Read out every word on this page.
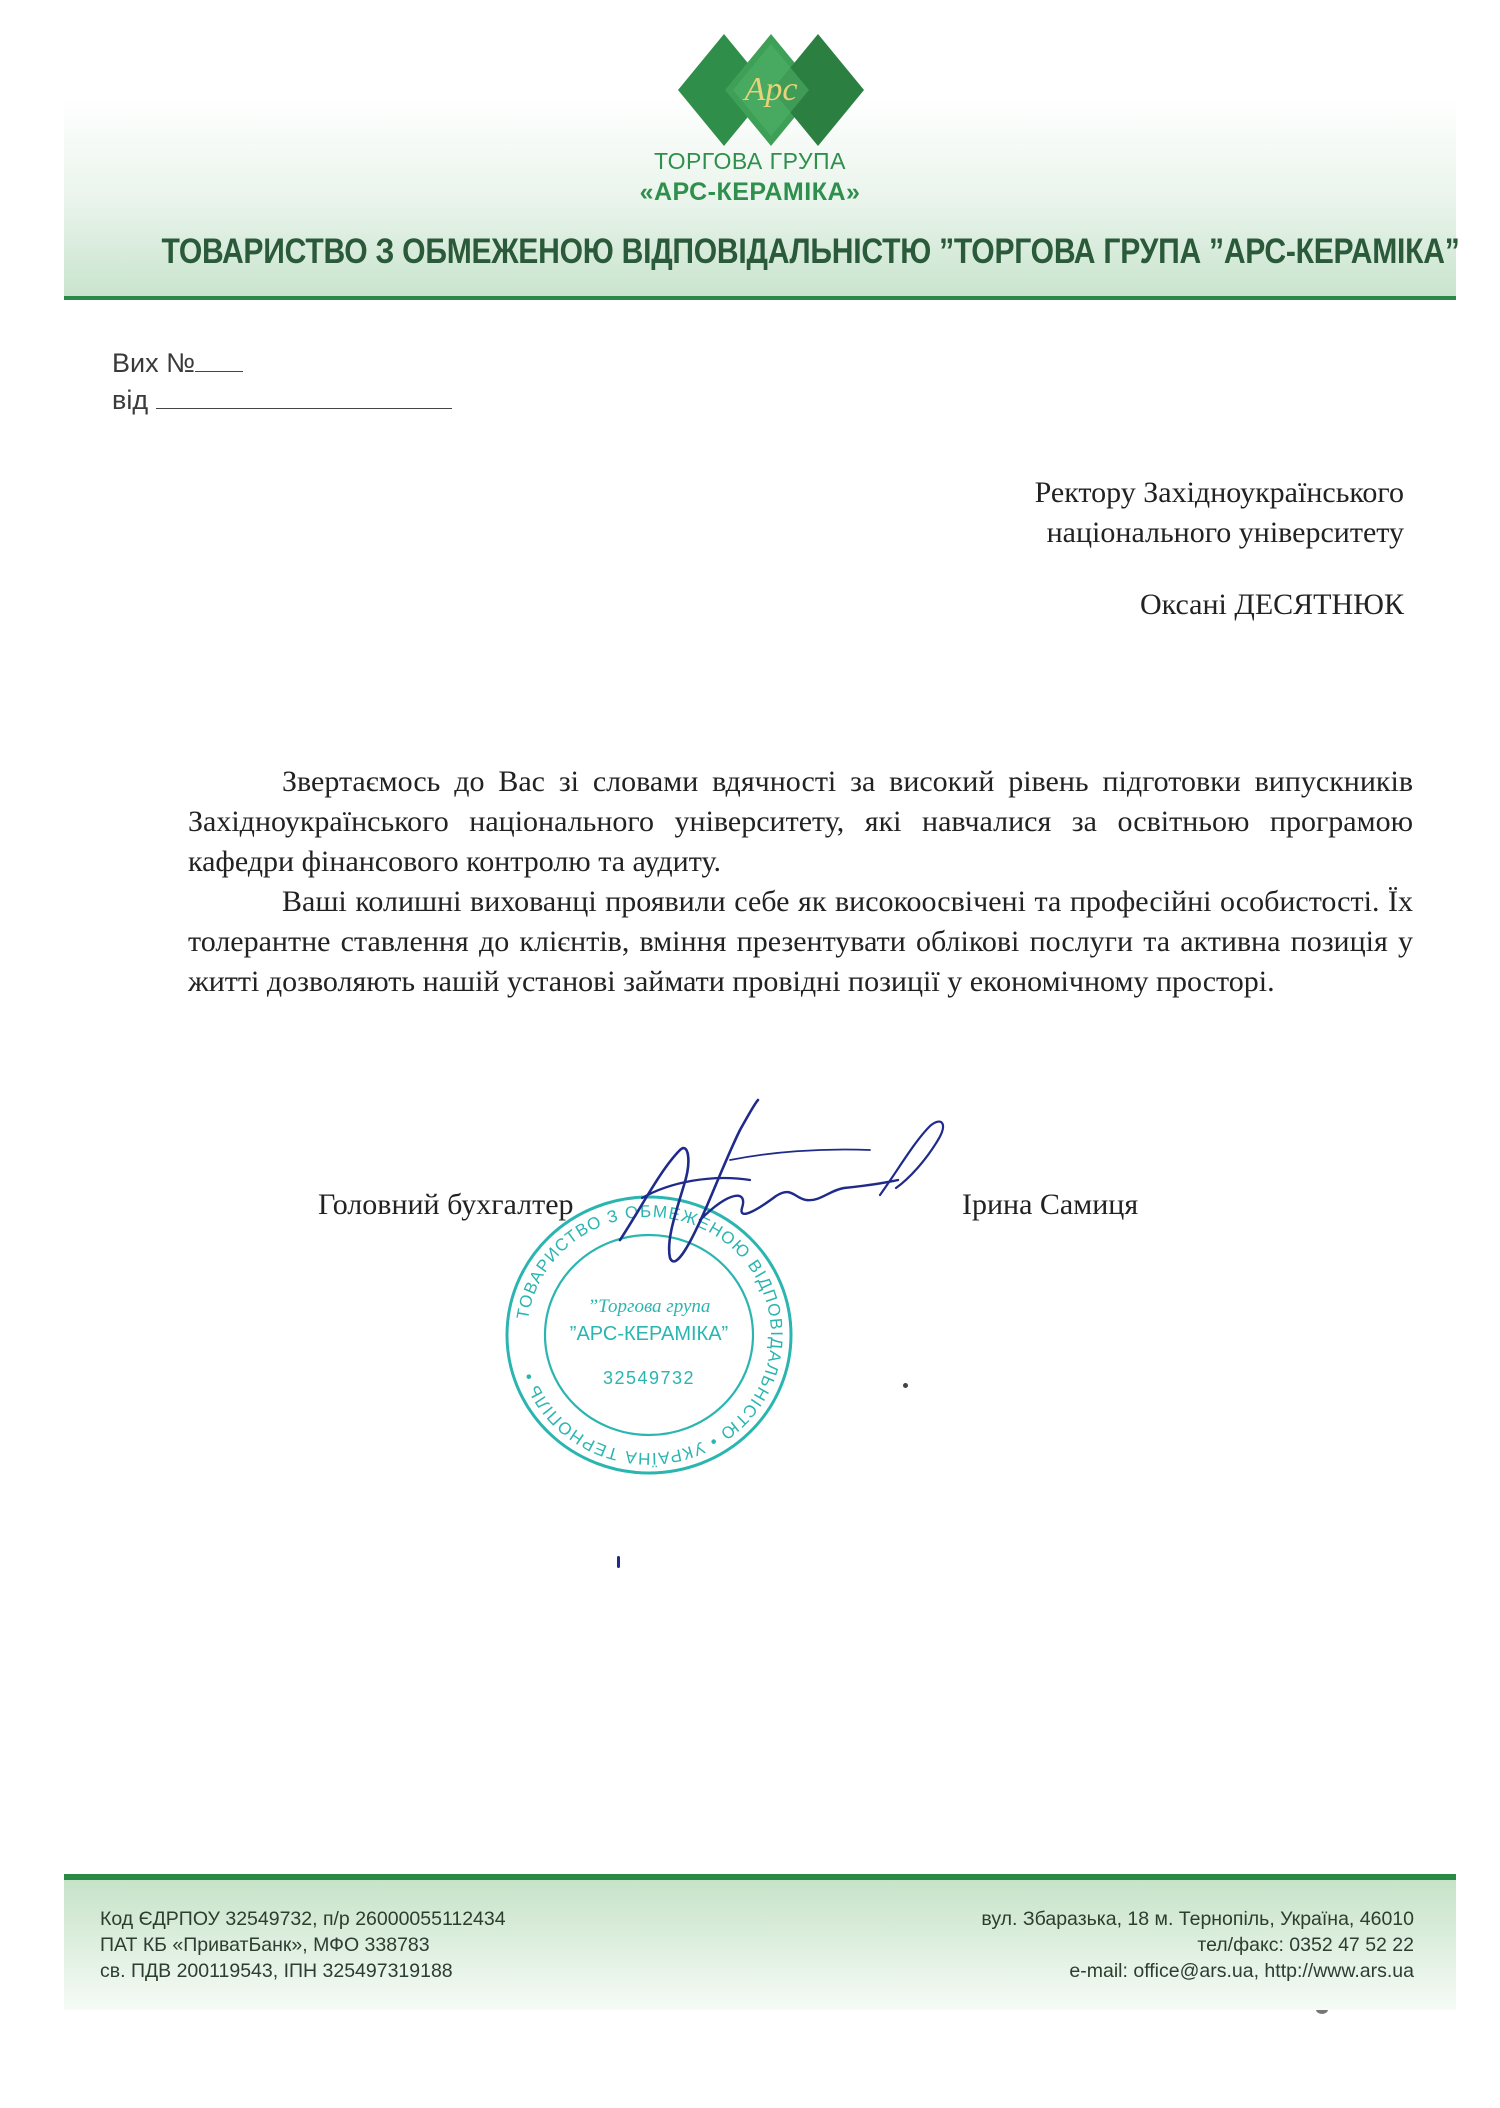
Арс
ТОРГОВА ГРУПА
«АРС-КЕРАМІКА»
ТОВАРИСТВО З ОБМЕЖЕНОЮ ВІДПОВІДАЛЬНІСТЮ ”ТОРГОВА ГРУПА ”АРС-КЕРАМІКА”
Вих №
від
Ректору Західноукраїнського
національного університету
Оксані ДЕСЯТНЮК

Звертаємось до Вас зі словами вдячності за високий рівень підготовки випускників Західноукраїнського національного університету, які навчалися за освітньою програмою кафедри фінансового контролю та аудиту.

Ваші колишні вихованці проявили себе як високоосвічені та професійні особистості. Їх толерантне ставлення до клієнтів, вміння презентувати облікові послуги та активна позиція у житті дозволяють нашій установі займати провідні позиції у економічному просторі.

Головний бухгалтер	Ірина Самиця
ТОВАРИСТВО З ОБМЕЖЕНОЮ ВІДПОВІДАЛЬНІСТЮ • УКРАЇНА ТЕРНОПІЛЬ •
”Торгова група
”АРС-КЕРАМІКА”
32549732
Код ЄДРПОУ 32549732, п/р 26000055112434
ПАТ КБ «ПриватБанк», МФО 338783
св. ПДВ 200119543, ІПН 325497319188
вул. Збаразька, 18 м. Тернопіль, Україна, 46010
тел/факс: 0352 47 52 22
e-mail: office@ars.ua, http://www.ars.ua
